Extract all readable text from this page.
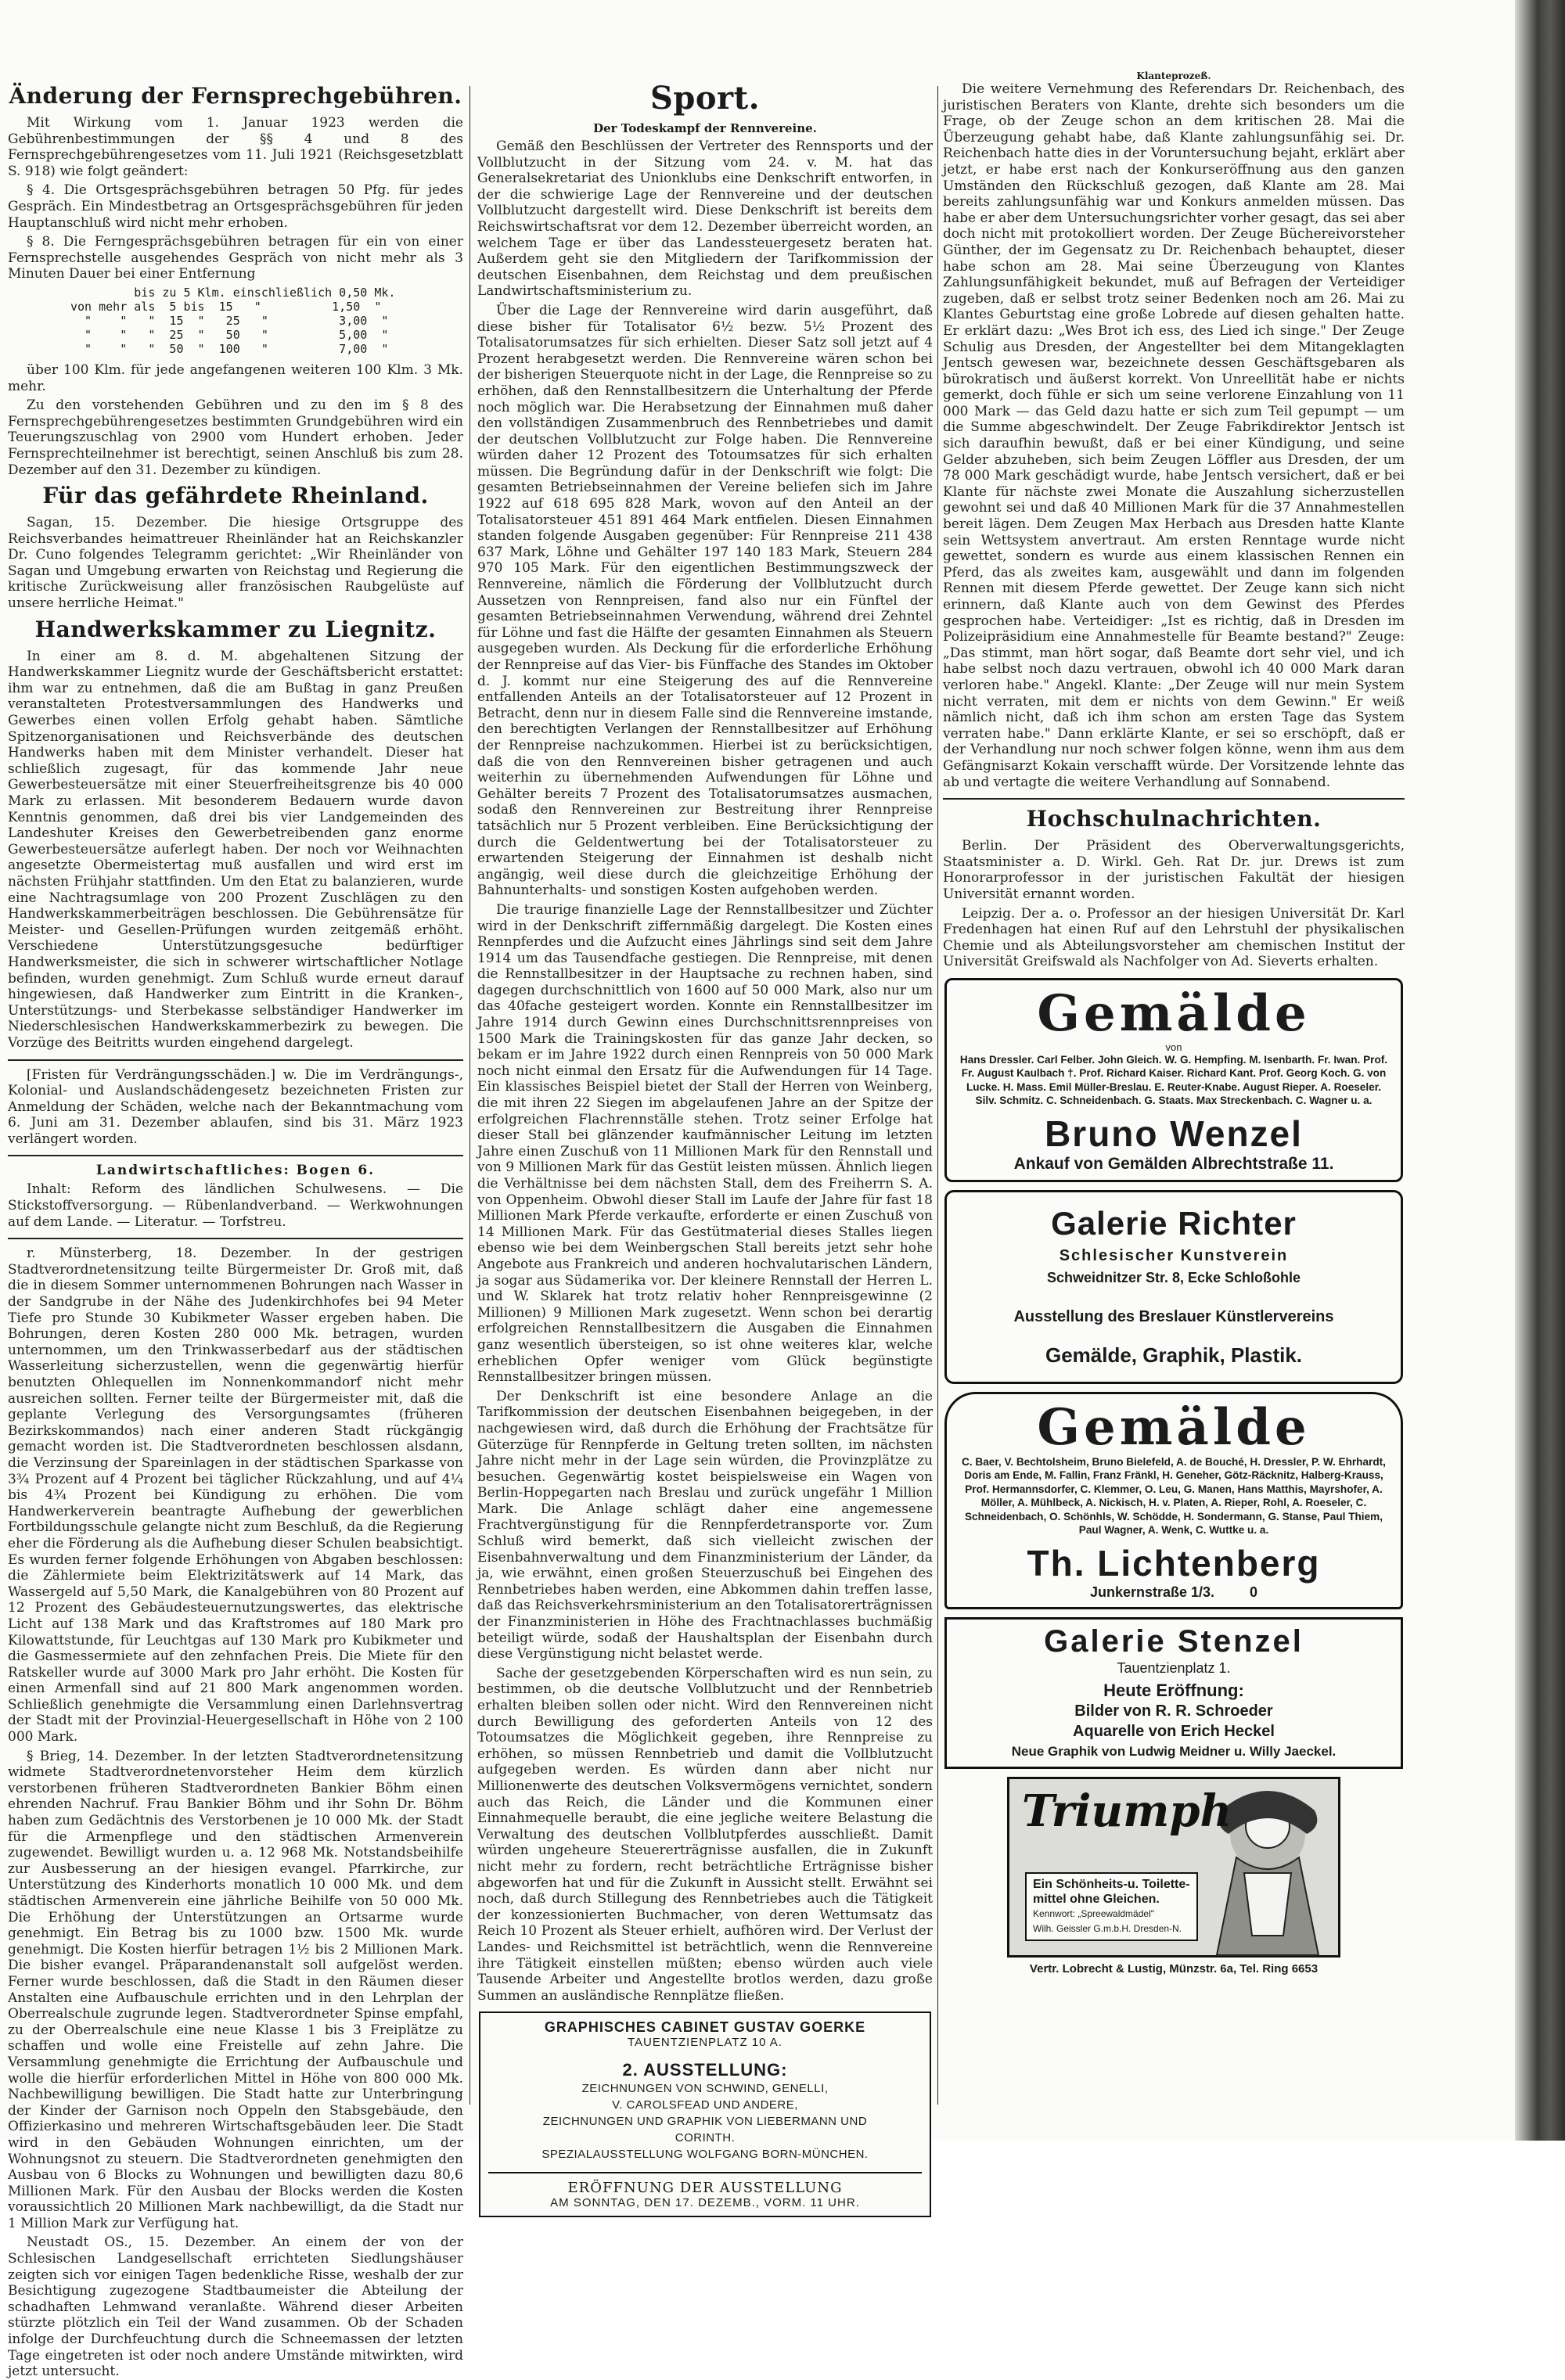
Änderung der Fernsprechgebühren.

Mit Wirkung vom 1. Januar 1923 werden die Gebührenbestimmungen der §§ 4 und 8 des Fernsprechgebührengesetzes vom 11. Juli 1921 (Reichsgesetzblatt S. 918) wie folgt geändert:

§ 4. Die Ortsgesprächsgebühren betragen 50 Pfg. für jedes Gespräch. Ein Mindestbetrag an Ortsgesprächsgebühren für jeden Hauptanschluß wird nicht mehr erhoben.

§ 8. Die Ferngesprächsgebühren betragen für ein von einer Fernsprechstelle ausgehendes Gespräch von nicht mehr als 3 Minuten Dauer bei einer Entfernung

bis zu 5 Klm. einschließlich 0,50 Mk.
von mehr als  5 bis  15   "          1,50  "
"    "   "  15  "   25   "          3,00  "
"    "   "  25  "   50   "          5,00  "
"    "   "  50  "  100   "          7,00  "

über 100 Klm. für jede angefangenen weiteren 100 Klm. 3 Mk. mehr.

Zu den vorstehenden Gebühren und zu den im § 8 des Fernsprechgebührengesetzes bestimmten Grundgebühren wird ein Teuerungszuschlag von 2900 vom Hundert erhoben. Jeder Fernsprechteilnehmer ist berechtigt, seinen Anschluß bis zum 28. Dezember auf den 31. Dezember zu kündigen.

Für das gefährdete Rheinland.

Sagan, 15. Dezember. Die hiesige Ortsgruppe des Reichsverbandes heimattreuer Rheinländer hat an Reichskanzler Dr. Cuno folgendes Telegramm gerichtet: „Wir Rheinländer von Sagan und Umgebung erwarten von Reichstag und Regierung die kritische Zurückweisung aller französischen Raubgelüste auf unsere herrliche Heimat."

Handwerkskammer zu Liegnitz.

In einer am 8. d. M. abgehaltenen Sitzung der Handwerkskammer Liegnitz wurde der Geschäftsbericht erstattet: ihm war zu entnehmen, daß die am Bußtag in ganz Preußen veranstalteten Protestversammlungen des Handwerks und Gewerbes einen vollen Erfolg gehabt haben. Sämtliche Spitzenorganisationen und Reichsverbände des deutschen Handwerks haben mit dem Minister verhandelt. Dieser hat schließlich zugesagt, für das kommende Jahr neue Gewerbesteuersätze mit einer Steuerfreiheitsgrenze bis 40 000 Mark zu erlassen. Mit besonderem Bedauern wurde davon Kenntnis genommen, daß drei bis vier Landgemeinden des Landeshuter Kreises den Gewerbetreibenden ganz enorme Gewerbesteuersätze auferlegt haben. Der noch vor Weihnachten angesetzte Obermeistertag muß ausfallen und wird erst im nächsten Frühjahr stattfinden. Um den Etat zu balanzieren, wurde eine Nachtragsumlage von 200 Prozent Zuschlägen zu den Handwerkskammerbeiträgen beschlossen. Die Gebührensätze für Meister- und Gesellen-Prüfungen wurden zeitgemäß erhöht. Verschiedene Unterstützungsgesuche bedürftiger Handwerksmeister, die sich in schwerer wirtschaftlicher Notlage befinden, wurden genehmigt. Zum Schluß wurde erneut darauf hingewiesen, daß Handwerker zum Eintritt in die Kranken-, Unterstützungs- und Sterbekasse selbständiger Handwerker im Niederschlesischen Handwerkskammerbezirk zu bewegen. Die Vorzüge des Beitritts wurden eingehend dargelegt.

[Fristen für Verdrängungsschäden.] w. Die im Verdrängungs-, Kolonial- und Auslandschädengesetz bezeichneten Fristen zur Anmeldung der Schäden, welche nach der Bekanntmachung vom 6. Juni am 31. Dezember ablaufen, sind bis 31. März 1923 verlängert worden.

Landwirtschaftliches: Bogen 6.

Inhalt: Reform des ländlichen Schulwesens. — Die Stickstoffversorgung. — Rübenlandverband. — Werkwohnungen auf dem Lande. — Literatur. — Torfstreu.

r. Münsterberg, 18. Dezember. In der gestrigen Stadtverordnetensitzung teilte Bürgermeister Dr. Groß mit, daß die in diesem Sommer unternommenen Bohrungen nach Wasser in der Sandgrube in der Nähe des Judenkirchhofes bei 94 Meter Tiefe pro Stunde 30 Kubikmeter Wasser ergeben haben. Die Bohrungen, deren Kosten 280 000 Mk. betragen, wurden unternommen, um den Trinkwasserbedarf aus der städtischen Wasserleitung sicherzustellen, wenn die gegenwärtig hierfür benutzten Ohlequellen im Nonnenkommandorf nicht mehr ausreichen sollten. Ferner teilte der Bürgermeister mit, daß die geplante Verlegung des Versorgungsamtes (früheren Bezirkskommandos) nach einer anderen Stadt rückgängig gemacht worden ist. Die Stadtverordneten beschlossen alsdann, die Verzinsung der Spareinlagen in der städtischen Sparkasse von 3¾ Prozent auf 4 Prozent bei täglicher Rückzahlung, und auf 4¼ bis 4¾ Prozent bei Kündigung zu erhöhen. Die vom Handwerkerverein beantragte Aufhebung der gewerblichen Fortbildungsschule gelangte nicht zum Beschluß, da die Regierung eher die Förderung als die Aufhebung dieser Schulen beabsichtigt. Es wurden ferner folgende Erhöhungen von Abgaben beschlossen: die Zählermiete beim Elektrizitätswerk auf 14 Mark, das Wassergeld auf 5,50 Mark, die Kanalgebühren von 80 Prozent auf 12 Prozent des Gebäudesteuernutzungswertes, das elektrische Licht auf 138 Mark und das Kraftstromes auf 180 Mark pro Kilowattstunde, für Leuchtgas auf 130 Mark pro Kubikmeter und die Gasmessermiete auf den zehnfachen Preis. Die Miete für den Ratskeller wurde auf 3000 Mark pro Jahr erhöht. Die Kosten für einen Armenfall sind auf 21 800 Mark angenommen worden. Schließlich genehmigte die Versammlung einen Darlehnsvertrag der Stadt mit der Provinzial-Heuergesellschaft in Höhe von 2 100 000 Mark.

§ Brieg, 14. Dezember. In der letzten Stadtverordnetensitzung widmete Stadtverordnetenvorsteher Heim dem kürzlich verstorbenen früheren Stadtverordneten Bankier Böhm einen ehrenden Nachruf. Frau Bankier Böhm und ihr Sohn Dr. Böhm haben zum Gedächtnis des Verstorbenen je 10 000 Mk. der Stadt für die Armenpflege und den städtischen Armenverein zugewendet. Bewilligt wurden u. a. 12 968 Mk. Notstandsbeihilfe zur Ausbesserung an der hiesigen evangel. Pfarrkirche, zur Unterstützung des Kinderhorts monatlich 10 000 Mk. und dem städtischen Armenverein eine jährliche Beihilfe von 50 000 Mk. Die Erhöhung der Unterstützungen an Ortsarme wurde genehmigt. Ein Betrag bis zu 1000 bzw. 1500 Mk. wurde genehmigt. Die Kosten hierfür betragen 1½ bis 2 Millionen Mark. Die bisher evangel. Präparandenanstalt soll aufgelöst werden. Ferner wurde beschlossen, daß die Stadt in den Räumen dieser Anstalten eine Aufbauschule errichten und in den Lehrplan der Oberrealschule zugrunde legen. Stadtverordneter Spinse empfahl, zu der Oberrealschule eine neue Klasse 1 bis 3 Freiplätze zu schaffen und wolle eine Freistelle auf zehn Jahre. Die Versammlung genehmigte die Errichtung der Aufbauschule und wolle die hierfür erforderlichen Mittel in Höhe von 800 000 Mk. Nachbewilligung bewilligen. Die Stadt hatte zur Unterbringung der Kinder der Garnison noch Oppeln den Stabsgebäude, den Offizierkasino und mehreren Wirtschaftsgebäuden leer. Die Stadt wird in den Gebäuden Wohnungen einrichten, um der Wohnungsnot zu steuern. Die Stadtverordneten genehmigten den Ausbau von 6 Blocks zu Wohnungen und bewilligten dazu 80,6 Millionen Mark. Für den Ausbau der Blocks werden die Kosten voraussichtlich 20 Millionen Mark nachbewilligt, da die Stadt nur 1 Million Mark zur Verfügung hat.

Neustadt OS., 15. Dezember. An einem der von der Schlesischen Landgesellschaft errichteten Siedlungshäuser zeigten sich vor einigen Tagen bedenkliche Risse, weshalb der zur Besichtigung zugezogene Stadtbaumeister die Abteilung der schadhaften Lehmwand veranlaßte. Während dieser Arbeiten stürzte plötzlich ein Teil der Wand zusammen. Ob der Schaden infolge der Durchfeuchtung durch die Schneemassen der letzten Tage eingetreten ist oder noch andere Umstände mitwirkten, wird jetzt untersucht.

Sport.
Der Todeskampf der Rennvereine.

Gemäß den Beschlüssen der Vertreter des Rennsports und der Vollblutzucht in der Sitzung vom 24. v. M. hat das Generalsekretariat des Unionklubs eine Denkschrift entworfen, in der die schwierige Lage der Rennvereine und der deutschen Vollblutzucht dargestellt wird. Diese Denkschrift ist bereits dem Reichswirtschaftsrat vor dem 12. Dezember überreicht worden, an welchem Tage er über das Landessteuergesetz beraten hat. Außerdem geht sie den Mitgliedern der Tarifkommission der deutschen Eisenbahnen, dem Reichstag und dem preußischen Landwirtschaftsministerium zu.

Über die Lage der Rennvereine wird darin ausgeführt, daß diese bisher für Totalisator 6½ bezw. 5½ Prozent des Totalisatorumsatzes für sich erhielten. Dieser Satz soll jetzt auf 4 Prozent herabgesetzt werden. Die Rennvereine wären schon bei der bisherigen Steuerquote nicht in der Lage, die Rennpreise so zu erhöhen, daß den Rennstallbesitzern die Unterhaltung der Pferde noch möglich war. Die Herabsetzung der Einnahmen muß daher den vollständigen Zusammenbruch des Rennbetriebes und damit der deutschen Vollblutzucht zur Folge haben. Die Rennvereine würden daher 12 Prozent des Totoumsatzes für sich erhalten müssen. Die Begründung dafür in der Denkschrift wie folgt: Die gesamten Betriebseinnahmen der Vereine beliefen sich im Jahre 1922 auf 618 695 828 Mark, wovon auf den Anteil an der Totalisatorsteuer 451 891 464 Mark entfielen. Diesen Einnahmen standen folgende Ausgaben gegenüber: Für Rennpreise 211 438 637 Mark, Löhne und Gehälter 197 140 183 Mark, Steuern 284 970 105 Mark. Für den eigentlichen Bestimmungszweck der Rennvereine, nämlich die Förderung der Vollblutzucht durch Aussetzen von Rennpreisen, fand also nur ein Fünftel der gesamten Betriebseinnahmen Verwendung, während drei Zehntel für Löhne und fast die Hälfte der gesamten Einnahmen als Steuern ausgegeben wurden. Als Deckung für die erforderliche Erhöhung der Rennpreise auf das Vier- bis Fünffache des Standes im Oktober d. J. kommt nur eine Steigerung des auf die Rennvereine entfallenden Anteils an der Totalisatorsteuer auf 12 Prozent in Betracht, denn nur in diesem Falle sind die Rennvereine imstande, den berechtigten Verlangen der Rennstallbesitzer auf Erhöhung der Rennpreise nachzukommen. Hierbei ist zu berücksichtigen, daß die von den Rennvereinen bisher getragenen und auch weiterhin zu übernehmenden Aufwendungen für Löhne und Gehälter bereits 7 Prozent des Totalisatorumsatzes ausmachen, sodaß den Rennvereinen zur Bestreitung ihrer Rennpreise tatsächlich nur 5 Prozent verbleiben. Eine Berücksichtigung der durch die Geldentwertung bei der Totalisatorsteuer zu erwartenden Steigerung der Einnahmen ist deshalb nicht angängig, weil diese durch die gleichzeitige Erhöhung der Bahnunterhalts- und sonstigen Kosten aufgehoben werden.

Die traurige finanzielle Lage der Rennstallbesitzer und Züchter wird in der Denkschrift ziffernmäßig dargelegt. Die Kosten eines Rennpferdes und die Aufzucht eines Jährlings sind seit dem Jahre 1914 um das Tausendfache gestiegen. Die Rennpreise, mit denen die Rennstallbesitzer in der Hauptsache zu rechnen haben, sind dagegen durchschnittlich von 1600 auf 50 000 Mark, also nur um das 40fache gesteigert worden. Konnte ein Rennstallbesitzer im Jahre 1914 durch Gewinn eines Durchschnittsrennpreises von 1500 Mark die Trainingskosten für das ganze Jahr decken, so bekam er im Jahre 1922 durch einen Rennpreis von 50 000 Mark noch nicht einmal den Ersatz für die Aufwendungen für 14 Tage. Ein klassisches Beispiel bietet der Stall der Herren von Weinberg, die mit ihren 22 Siegen im abgelaufenen Jahre an der Spitze der erfolgreichen Flachrennställe stehen. Trotz seiner Erfolge hat dieser Stall bei glänzender kaufmännischer Leitung im letzten Jahre einen Zuschuß von 11 Millionen Mark für den Rennstall und von 9 Millionen Mark für das Gestüt leisten müssen. Ähnlich liegen die Verhältnisse bei dem nächsten Stall, dem des Freiherrn S. A. von Oppenheim. Obwohl dieser Stall im Laufe der Jahre für fast 18 Millionen Mark Pferde verkaufte, erforderte er einen Zuschuß von 14 Millionen Mark. Für das Gestütmaterial dieses Stalles liegen ebenso wie bei dem Weinbergschen Stall bereits jetzt sehr hohe Angebote aus Frankreich und anderen hochvalutarischen Ländern, ja sogar aus Südamerika vor. Der kleinere Rennstall der Herren L. und W. Sklarek hat trotz relativ hoher Rennpreisgewinne (2 Millionen) 9 Millionen Mark zugesetzt. Wenn schon bei derartig erfolgreichen Rennstallbesitzern die Ausgaben die Einnahmen ganz wesentlich übersteigen, so ist ohne weiteres klar, welche erheblichen Opfer weniger vom Glück begünstigte Rennstallbesitzer bringen müssen.

Der Denkschrift ist eine besondere Anlage an die Tarifkommission der deutschen Eisenbahnen beigegeben, in der nachgewiesen wird, daß durch die Erhöhung der Frachtsätze für Güterzüge für Rennpferde in Geltung treten sollten, im nächsten Jahre nicht mehr in der Lage sein würden, die Provinzplätze zu besuchen. Gegenwärtig kostet beispielsweise ein Wagen von Berlin-Hoppegarten nach Breslau und zurück ungefähr 1 Million Mark. Die Anlage schlägt daher eine angemessene Frachtvergünstigung für die Rennpferdetransporte vor. Zum Schluß wird bemerkt, daß sich vielleicht zwischen der Eisenbahnverwaltung und dem Finanzministerium der Länder, da ja, wie erwähnt, einen großen Steuerzuschuß bei Eingehen des Rennbetriebes haben werden, eine Abkommen dahin treffen lasse, daß das Reichsverkehrsministerium an den Totalisatorerträgnissen der Finanzministerien in Höhe des Frachtnachlasses buchmäßig beteiligt würde, sodaß der Haushaltsplan der Eisenbahn durch diese Vergünstigung nicht belastet werde.

Sache der gesetzgebenden Körperschaften wird es nun sein, zu bestimmen, ob die deutsche Vollblutzucht und der Rennbetrieb erhalten bleiben sollen oder nicht. Wird den Rennvereinen nicht durch Bewilligung des geforderten Anteils von 12 des Totoumsatzes die Möglichkeit gegeben, ihre Rennpreise zu erhöhen, so müssen Rennbetrieb und damit die Vollblutzucht aufgegeben werden. Es würden dann aber nicht nur Millionenwerte des deutschen Volksvermögens vernichtet, sondern auch das Reich, die Länder und die Kommunen einer Einnahmequelle beraubt, die eine jegliche weitere Belastung die Verwaltung des deutschen Vollblutpferdes ausschließt. Damit würden ungeheure Steuererträgnisse ausfallen, die in Zukunft nicht mehr zu fordern, recht beträchtliche Erträgnisse bisher abgeworfen hat und für die Zukunft in Aussicht stellt. Erwähnt sei noch, daß durch Stillegung des Rennbetriebes auch die Tätigkeit der konzessionierten Buchmacher, von deren Wettumsatz das Reich 10 Prozent als Steuer erhielt, aufhören wird. Der Verlust der Landes- und Reichsmittel ist beträchtlich, wenn die Rennvereine ihre Tätigkeit einstellen müßten; ebenso würden auch viele Tausende Arbeiter und Angestellte brotlos werden, dazu große Summen an ausländische Rennplätze fließen.

GRAPHISCHES CABINET GUSTAV GOERKE
TAUENTZIENPLATZ 10 A.
2. AUSSTELLUNG:
ZEICHNUNGEN VON SCHWIND, GENELLI,
V. CAROLSFEAD UND ANDERE,
ZEICHNUNGEN UND GRAPHIK VON LIEBERMANN UND
CORINTH.
SPEZIALAUSSTELLUNG WOLFGANG BORN-MÜNCHEN.
ERÖFFNUNG DER AUSSTELLUNG
AM SONNTAG, DEN 17. DEZEMB., VORM. 11 UHR.
Klanteprozeß.

Die weitere Vernehmung des Referendars Dr. Reichenbach, des juristischen Beraters von Klante, drehte sich besonders um die Frage, ob der Zeuge schon an dem kritischen 28. Mai die Überzeugung gehabt habe, daß Klante zahlungsunfähig sei. Dr. Reichenbach hatte dies in der Voruntersuchung bejaht, erklärt aber jetzt, er habe erst nach der Konkurseröffnung aus den ganzen Umständen den Rückschluß gezogen, daß Klante am 28. Mai bereits zahlungsunfähig war und Konkurs anmelden müssen. Das habe er aber dem Untersuchungsrichter vorher gesagt, das sei aber doch nicht mit protokolliert worden. Der Zeuge Büchereivorsteher Günther, der im Gegensatz zu Dr. Reichenbach behauptet, dieser habe schon am 28. Mai seine Überzeugung von Klantes Zahlungsunfähigkeit bekundet, muß auf Befragen der Verteidiger zugeben, daß er selbst trotz seiner Bedenken noch am 26. Mai zu Klantes Geburtstag eine große Lobrede auf diesen gehalten hatte. Er erklärt dazu: „Wes Brot ich ess, des Lied ich singe." Der Zeuge Schulig aus Dresden, der Angestellter bei dem Mitangeklagten Jentsch gewesen war, bezeichnete dessen Geschäftsgebaren als bürokratisch und äußerst korrekt. Von Unreellität habe er nichts gemerkt, doch fühle er sich um seine verlorene Einzahlung von 11 000 Mark — das Geld dazu hatte er sich zum Teil gepumpt — um die Summe abgeschwindelt. Der Zeuge Fabrikdirektor Jentsch ist sich daraufhin bewußt, daß er bei einer Kündigung, und seine Gelder abzuheben, sich beim Zeugen Löffler aus Dresden, der um 78 000 Mark geschädigt wurde, habe Jentsch versichert, daß er bei Klante für nächste zwei Monate die Auszahlung sicherzustellen gewohnt sei und daß 40 Millionen Mark für die 37 Annahmestellen bereit lägen. Dem Zeugen Max Herbach aus Dresden hatte Klante sein Wettsystem anvertraut. Am ersten Renntage wurde nicht gewettet, sondern es wurde aus einem klassischen Rennen ein Pferd, das als zweites kam, ausgewählt und dann im folgenden Rennen mit diesem Pferde gewettet. Der Zeuge kann sich nicht erinnern, daß Klante auch von dem Gewinst des Pferdes gesprochen habe. Verteidiger: „Ist es richtig, daß in Dresden im Polizeipräsidium eine Annahmestelle für Beamte bestand?" Zeuge: „Das stimmt, man hört sogar, daß Beamte dort sehr viel, und ich habe selbst noch dazu vertrauen, obwohl ich 40 000 Mark daran verloren habe." Angekl. Klante: „Der Zeuge will nur mein System nicht verraten, mit dem er nichts von dem Gewinn." Er weiß nämlich nicht, daß ich ihm schon am ersten Tage das System verraten habe." Dann erklärte Klante, er sei so erschöpft, daß er der Verhandlung nur noch schwer folgen könne, wenn ihm aus dem Gefängnisarzt Kokain verschafft würde. Der Vorsitzende lehnte das ab und vertagte die weitere Verhandlung auf Sonnabend.

Hochschulnachrichten.

Berlin. Der Präsident des Oberverwaltungsgerichts, Staatsminister a. D. Wirkl. Geh. Rat Dr. jur. Drews ist zum Honorarprofessor in der juristischen Fakultät der hiesigen Universität ernannt worden.

Leipzig. Der a. o. Professor an der hiesigen Universität Dr. Karl Fredenhagen hat einen Ruf auf den Lehrstuhl der physikalischen Chemie und als Abteilungsvorsteher am chemischen Institut der Universität Greifswald als Nachfolger von Ad. Sieverts erhalten.

Gemälde
von
Hans Dressler. Carl Felber. John Gleich. W. G. Hempfing. M. Isenbarth. Fr. Iwan. Prof. Fr. August Kaulbach †. Prof. Richard Kaiser. Richard Kant. Prof. Georg Koch. G. von Lucke. H. Mass. Emil Müller-Breslau. E. Reuter-Knabe. August Rieper. A. Roeseler. Silv. Schmitz. C. Schneidenbach. G. Staats. Max Streckenbach. C. Wagner u. a.
Bruno Wenzel
Ankauf von Gemälden Albrechtstraße 11.
Galerie Richter
Schlesischer Kunstverein
Schweidnitzer Str. 8, Ecke Schloßohle
Ausstellung des Breslauer Künstlervereins
Gemälde, Graphik, Plastik.
Gemälde
C. Baer, V. Bechtolsheim, Bruno Bielefeld, A. de Bouché, H. Dressler, P. W. Ehrhardt, Doris am Ende, M. Fallin, Franz Fränkl, H. Geneher, Götz-Räcknitz, Halberg-Krauss, Prof. Hermannsdorfer, C. Klemmer, O. Leu, G. Manen, Hans Matthis, Mayrshofer, A. Möller, A. Mühlbeck, A. Nickisch, H. v. Platen, A. Rieper, Rohl, A. Roeseler, C. Schneidenbach, O. Schönhls, W. Schödde, H. Sondermann, G. Stanse, Paul Thiem, Paul Wagner, A. Wenk, C. Wuttke u. a.
Th. Lichtenberg
Junkernstraße 1/3.	0
Galerie Stenzel
Tauentzienplatz 1.
Heute Eröffnung:
Bilder von R. R. Schroeder
Aquarelle von Erich Heckel
Neue Graphik von Ludwig Meidner u. Willy Jaeckel.
Triumph
Ein Schönheits-u. Toilette-
mittel ohne Gleichen.
Kennwort: „Spreewaldmädel"
Wilh. Geissler G.m.b.H. Dresden-N.
Vertr. Lobrecht & Lustig, Münzstr. 6a, Tel. Ring 6653
